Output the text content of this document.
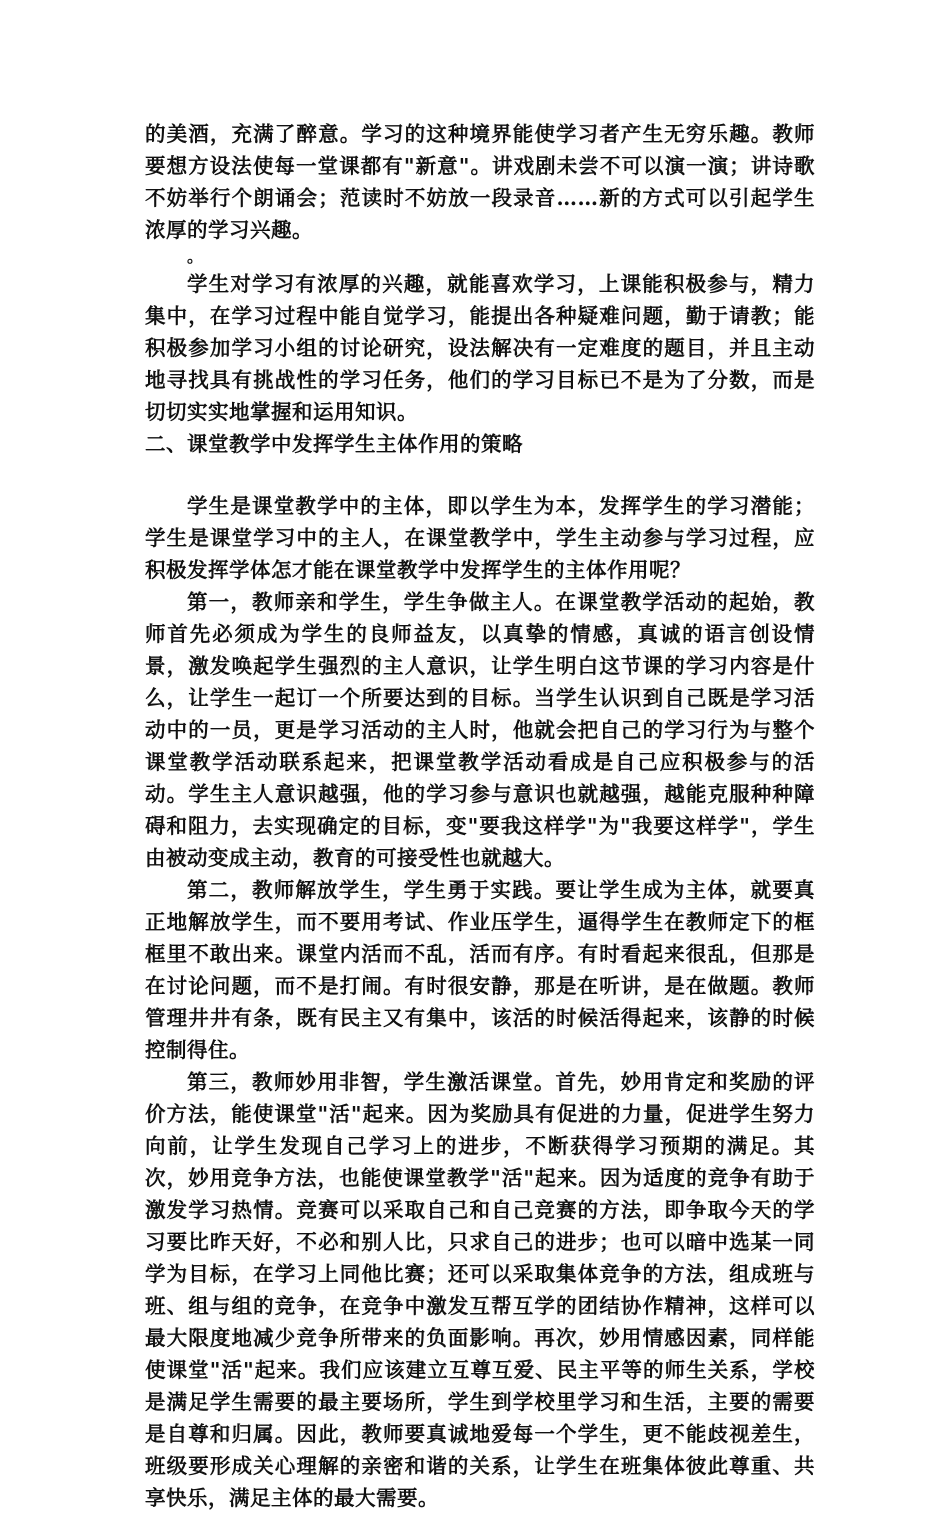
的美酒，充满了醉意。学习的这种境界能使学习者产生无穷乐趣。教师要想方设法使每一堂课都有"新意"。讲戏剧未尝不可以演一演；讲诗歌不妨举行个朗诵会；范读时不妨放一段录音……新的方式可以引起学生浓厚的学习兴趣。

。

学生对学习有浓厚的兴趣，就能喜欢学习，上课能积极参与，精力集中，在学习过程中能自觉学习，能提出各种疑难问题，勤于请教；能积极参加学习小组的讨论研究，设法解决有一定难度的题目，并且主动地寻找具有挑战性的学习任务，他们的学习目标已不是为了分数，而是切切实实地掌握和运用知识。

二、课堂教学中发挥学生主体作用的策略

学生是课堂教学中的主体，即以学生为本，发挥学生的学习潜能；学生是课堂学习中的主人，在课堂教学中，学生主动参与学习过程，应积极发挥学体怎才能在课堂教学中发挥学生的主体作用呢？

第一，教师亲和学生，学生争做主人。在课堂教学活动的起始，教师首先必须成为学生的良师益友，以真挚的情感，真诚的语言创设情景，激发唤起学生强烈的主人意识，让学生明白这节课的学习内容是什么，让学生一起订一个所要达到的目标。当学生认识到自己既是学习活动中的一员，更是学习活动的主人时，他就会把自己的学习行为与整个课堂教学活动联系起来，把课堂教学活动看成是自己应积极参与的活动。学生主人意识越强，他的学习参与意识也就越强，越能克服种种障碍和阻力，去实现确定的目标，变"要我这样学"为"我要这样学"，学生由被动变成主动，教育的可接受性也就越大。

第二，教师解放学生，学生勇于实践。要让学生成为主体，就要真正地解放学生，而不要用考试、作业压学生，逼得学生在教师定下的框框里不敢出来。课堂内活而不乱，活而有序。有时看起来很乱，但那是在讨论问题，而不是打闹。有时很安静，那是在听讲，是在做题。教师管理井井有条，既有民主又有集中，该活的时候活得起来，该静的时候控制得住。

第三，教师妙用非智，学生激活课堂。首先，妙用肯定和奖励的评价方法，能使课堂"活"起来。因为奖励具有促进的力量，促进学生努力向前，让学生发现自己学习上的进步，不断获得学习预期的满足。其次，妙用竞争方法，也能使课堂教学"活"起来。因为适度的竞争有助于激发学习热情。竞赛可以采取自己和自己竞赛的方法，即争取今天的学习要比昨天好，不必和别人比，只求自己的进步；也可以暗中选某一同学为目标，在学习上同他比赛；还可以采取集体竞争的方法，组成班与班、组与组的竞争，在竞争中激发互帮互学的团结协作精神，这样可以最大限度地减少竞争所带来的负面影响。再次，妙用情感因素，同样能使课堂"活"起来。我们应该建立互尊互爱、民主平等的师生关系，学校是满足学生需要的最主要场所，学生到学校里学习和生活，主要的需要是自尊和归属。因此，教师要真诚地爱每一个学生，更不能歧视差生，班级要形成关心理解的亲密和谐的关系，让学生在班集体彼此尊重、共享快乐，满足主体的最大需要。
